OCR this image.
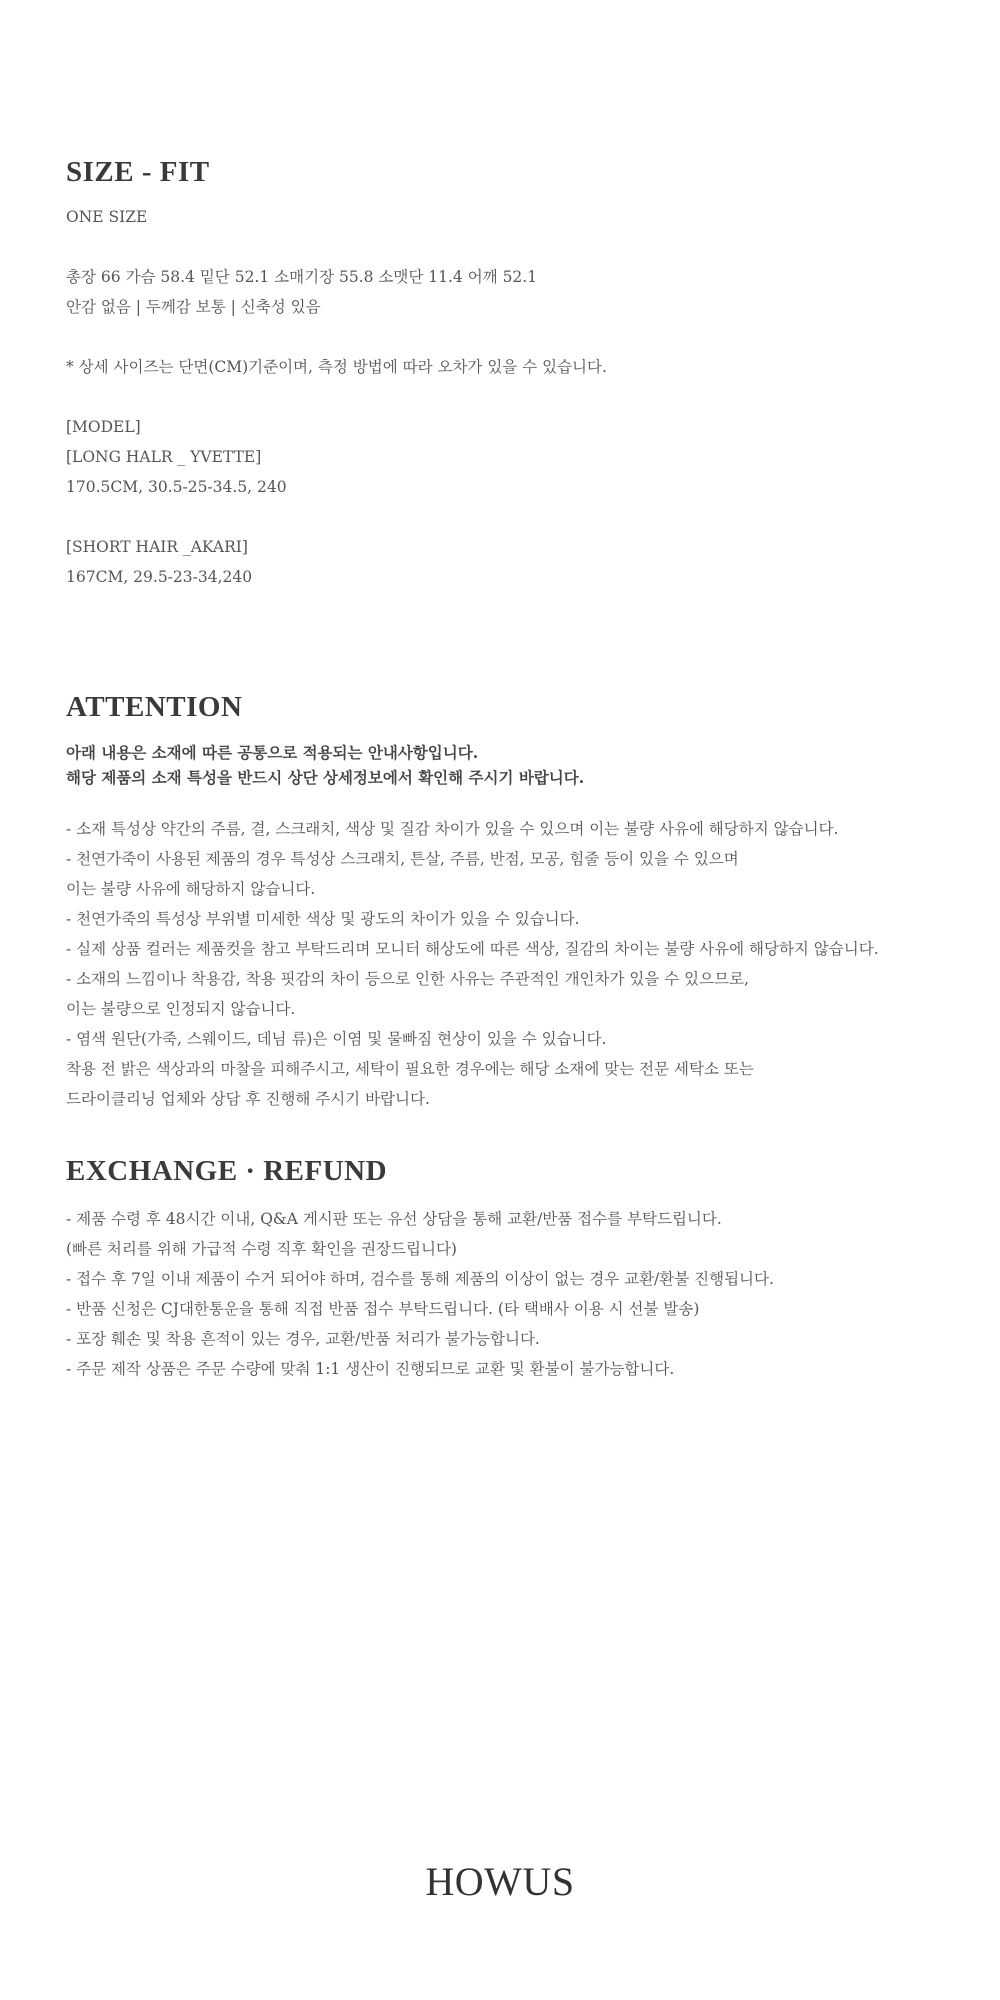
SIZE - FIT
ONE SIZE
총장 66 가슴 58.4 밑단 52.1 소매기장 55.8 소맷단 11.4 어깨 52.1
안감 없음 | 두께감 보통 | 신축성 있음
* 상세 사이즈는 단면(CM)기준이며, 측정 방법에 따라 오차가 있을 수 있습니다.
[MODEL]
[LONG HALR _ YVETTE]
170.5CM, 30.5-25-34.5, 240
[SHORT HAIR _AKARI]
167CM, 29.5-23-34,240
ATTENTION
아래 내용은 소재에 따른 공통으로 적용되는 안내사항입니다.
해당 제품의 소재 특성을 반드시 상단 상세정보에서 확인해 주시기 바랍니다.
- 소재 특성상 약간의 주름, 결, 스크래치, 색상 및 질감 차이가 있을 수 있으며 이는 불량 사유에 해당하지 않습니다.
- 천연가죽이 사용된 제품의 경우 특성상 스크래치, 튼살, 주름, 반점, 모공, 힘줄 등이 있을 수 있으며
이는 불량 사유에 해당하지 않습니다.
- 천연가죽의 특성상 부위별 미세한 색상 및 광도의 차이가 있을 수 있습니다.
- 실제 상품 컬러는 제품컷을 참고 부탁드리며 모니터 해상도에 따른 색상, 질감의 차이는 불량 사유에 해당하지 않습니다.
- 소재의 느낌이나 착용감, 착용 핏감의 차이 등으로 인한 사유는 주관적인 개인차가 있을 수 있으므로,
이는 불량으로 인정되지 않습니다.
- 염색 원단(가죽, 스웨이드, 데님 류)은 이염 및 물빠짐 현상이 있을 수 있습니다.
착용 전 밝은 색상과의 마찰을 피해주시고, 세탁이 필요한 경우에는 해당 소재에 맞는 전문 세탁소 또는
드라이클리닝 업체와 상담 후 진행해 주시기 바랍니다.
EXCHANGE · REFUND
- 제품 수령 후 48시간 이내, Q&A 게시판 또는 유선 상담을 통해 교환/반품 접수를 부탁드립니다.
(빠른 처리를 위해 가급적 수령 직후 확인을 권장드립니다)
- 접수 후 7일 이내 제품이 수거 되어야 하며, 검수를 통해 제품의 이상이 없는 경우 교환/환불 진행됩니다.
- 반품 신청은 CJ대한통운을 통해 직접 반품 접수 부탁드립니다. (타 택배사 이용 시 선불 발송)
- 포장 훼손 및 착용 흔적이 있는 경우, 교환/반품 처리가 불가능합니다.
- 주문 제작 상품은 주문 수량에 맞춰 1:1 생산이 진행되므로 교환 및 환불이 불가능합니다.
HOWUS
